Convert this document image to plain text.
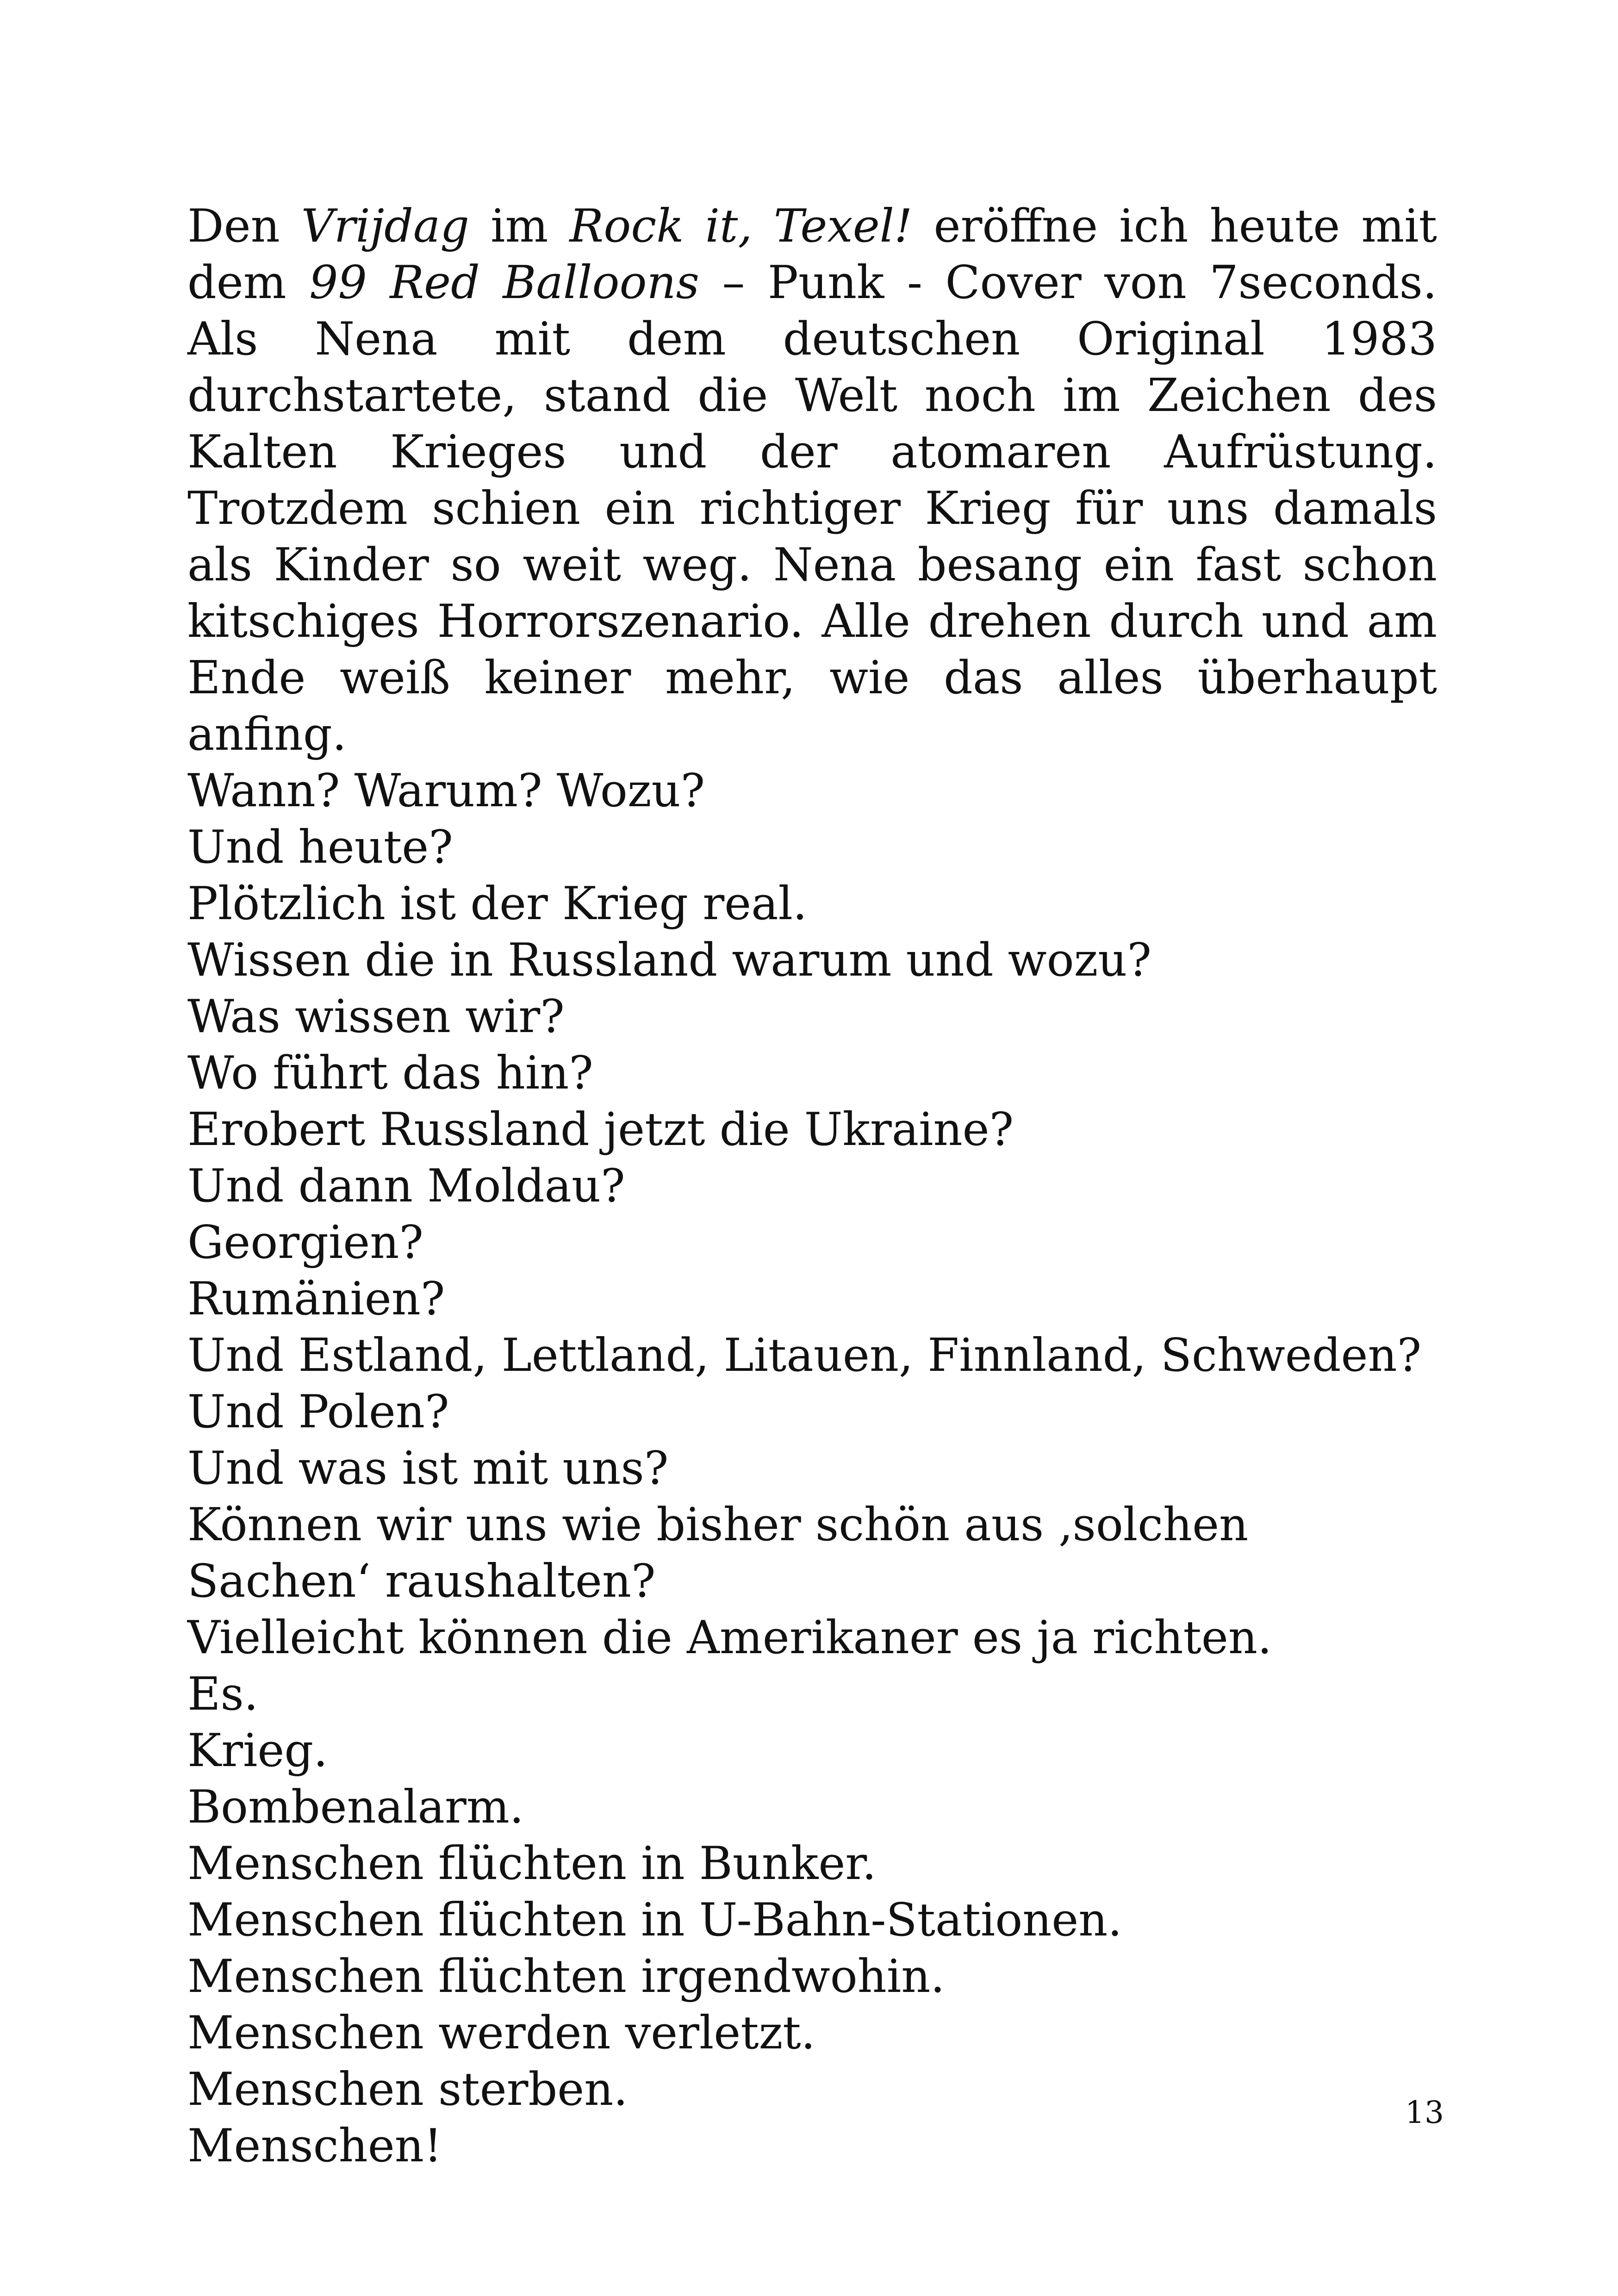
Den Vrijdag im Rock it, Texel! eröffne ich heute mit dem 99 Red Balloons – Punk - Cover von 7seconds. Als Nena mit dem deutschen Original 1983 durchstartete, stand die Welt noch im Zeichen des Kalten Krieges und der atomaren Aufrüstung. Trotzdem schien ein richtiger Krieg für uns damals als Kinder so weit weg. Nena besang ein fast schon kitschiges Horrorszenario. Alle drehen durch und am Ende weiß keiner mehr, wie das alles überhaupt anfing.

Wann? Warum? Wozu?
Und heute?
Plötzlich ist der Krieg real.
Wissen die in Russland warum und wozu?
Was wissen wir?
Wo führt das hin?
Erobert Russland jetzt die Ukraine?
Und dann Moldau?
Georgien?
Rumänien?
Und Estland, Lettland, Litauen, Finnland, Schweden?
Und Polen?
Und was ist mit uns?
Können wir uns wie bisher schön aus ‚solchen Sachen‘ raushalten?
Vielleicht können die Amerikaner es ja richten.
Es.
Krieg.
Bombenalarm.
Menschen flüchten in Bunker.
Menschen flüchten in U-Bahn-Stationen.
Menschen flüchten irgendwohin.
Menschen werden verletzt.
Menschen sterben.
Menschen!
13
